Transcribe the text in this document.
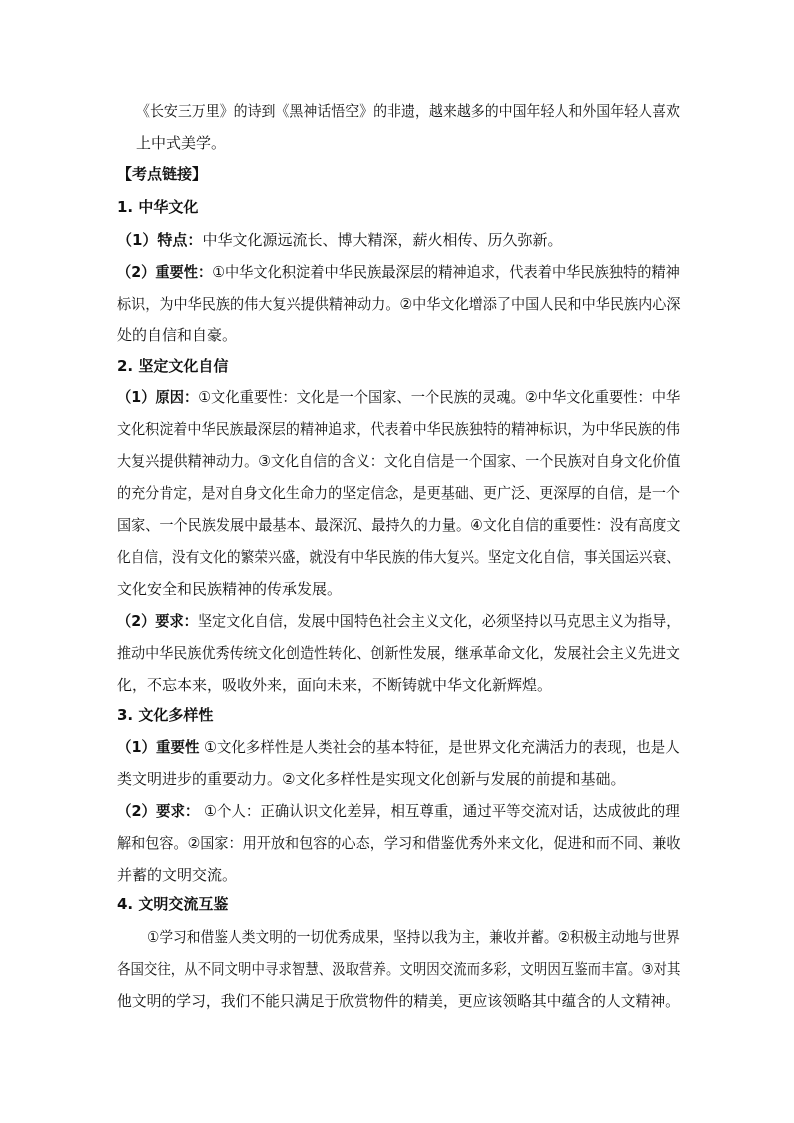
《长安三万里》的诗到《黑神话悟空》的非遗，越来越多的中国年轻人和外国年轻人喜欢
上中式美学。
【考点链接】
1. 中华文化
（1）特点：中华文化源远流长、博大精深，薪火相传、历久弥新。
（2）重要性：①中华文化积淀着中华民族最深层的精神追求，代表着中华民族独特的精神
标识，为中华民族的伟大复兴提供精神动力。②中华文化增添了中国人民和中华民族内心深
处的自信和自豪。
2. 坚定文化自信
（1）原因：①文化重要性：文化是一个国家、一个民族的灵魂。②中华文化重要性：中华
文化积淀着中华民族最深层的精神追求，代表着中华民族独特的精神标识，为中华民族的伟
大复兴提供精神动力。③文化自信的含义：文化自信是一个国家、一个民族对自身文化价值
的充分肯定，是对自身文化生命力的坚定信念，是更基础、更广泛、更深厚的自信，是一个
国家、一个民族发展中最基本、最深沉、最持久的力量。④文化自信的重要性：没有高度文
化自信，没有文化的繁荣兴盛，就没有中华民族的伟大复兴。坚定文化自信，事关国运兴衰、
文化安全和民族精神的传承发展。
（2）要求：坚定文化自信，发展中国特色社会主义文化，必须坚持以马克思主义为指导，
推动中华民族优秀传统文化创造性转化、创新性发展，继承革命文化，发展社会主义先进文
化，不忘本来，吸收外来，面向未来，不断铸就中华文化新辉煌。
3. 文化多样性
（1）重要性 ①文化多样性是人类社会的基本特征，是世界文化充满活力的表现，也是人
类文明进步的重要动力。②文化多样性是实现文化创新与发展的前提和基础。
（2）要求： ①个人：正确认识文化差异，相互尊重，通过平等交流对话，达成彼此的理
解和包容。②国家：用开放和包容的心态，学习和借鉴优秀外来文化，促进和而不同、兼收
并蓄的文明交流。
4. 文明交流互鉴
①学习和借鉴人类文明的一切优秀成果，坚持以我为主，兼收并蓄。②积极主动地与世界
各国交往，从不同文明中寻求智慧、汲取营养。文明因交流而多彩，文明因互鉴而丰富。③对其
他文明的学习，我们不能只满足于欣赏物件的精美，更应该领略其中蕴含的人文精神。
